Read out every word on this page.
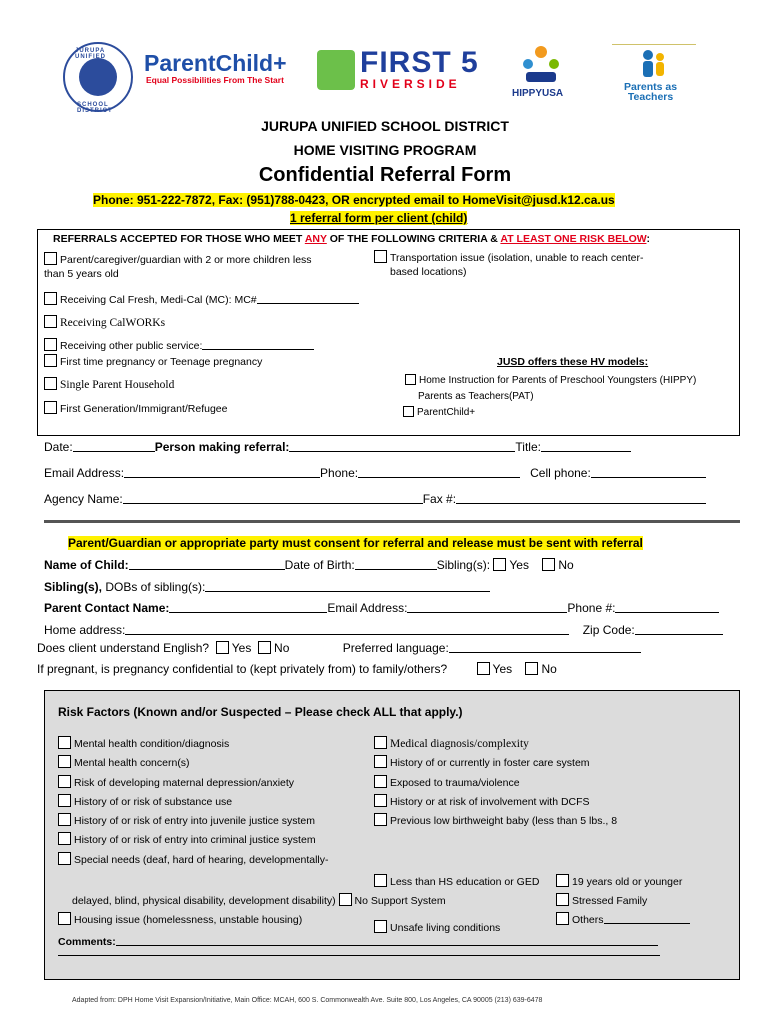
JURUPA UNIFIED
SCHOOL DISTRICT
ParentChild+
Equal Possibilities From The Start
FIRST 5
RIVERSIDE
HIPPYUSA
Parents as
Teachers
JURUPA UNIFIED SCHOOL DISTRICT
HOME VISITING PROGRAM
Confidential Referral Form
Phone: 951-222-7872, Fax: (951)788-0423, OR encrypted email to HomeVisit@jusd.k12.ca.us
1 referral form per client (child)
REFERRALS ACCEPTED FOR THOSE WHO MEET ANY OF THE FOLLOWING CRITERIA & AT LEAST ONE RISK BELOW:
Parent/caregiver/guardian with 2 or more children less
than 5 years old
Transportation issue (isolation, unable to reach center-
based locations)
Receiving Cal Fresh, Medi-Cal (MC): MC#
Receiving CalWORKs
Receiving other public service:
First time pregnancy or Teenage pregnancy	JUSD offers these HV models:
Single Parent Household	Home Instruction for Parents of Preschool Youngsters (HIPPY)
Parents as Teachers(PAT)
First Generation/Immigrant/Refugee	ParentChild+
Date:	Person making referral:	Title:
Email Address:	Phone:	Cell phone:
Agency Name:	Fax #:
Parent/Guardian or appropriate party must consent for referral and release must be sent with referral
Name of Child:	Date of Birth:	Sibling(s): Yes No
Sibling(s), DOBs of sibling(s):
Parent Contact Name:	Email Address:	Phone #:
Home address:	Zip Code:
Does client understand English? Yes No	Preferred language:
If pregnant, is pregnancy confidential to (kept privately from) to family/others?	Yes No
Risk Factors (Known and/or Suspected – Please check ALL that apply.)
Mental health condition/diagnosis
Mental health concern(s)
Risk of developing maternal depression/anxiety
History of or risk of substance use
History of or risk of entry into juvenile justice system
History of or risk of entry into criminal justice system
Special needs (deaf, hard of hearing, developmentally-
Medical diagnosis/complexity
History of or currently in foster care system
Exposed to trauma/violence
History or at risk of involvement with DCFS
Previous low birthweight baby (less than 5 lbs., 8
Less than HS education or GED	19 years old or younger
delayed, blind, physical disability, development disability) No Support System	Stressed Family
Housing issue (homelessness, unstable housing)	Others
Unsafe living conditions
Comments:
Adapted from: DPH Home Visit Expansion/Initiative, Main Office: MCAH, 600 S. Commonwealth Ave. Suite 800, Los Angeles, CA 90005 (213) 639-6478
